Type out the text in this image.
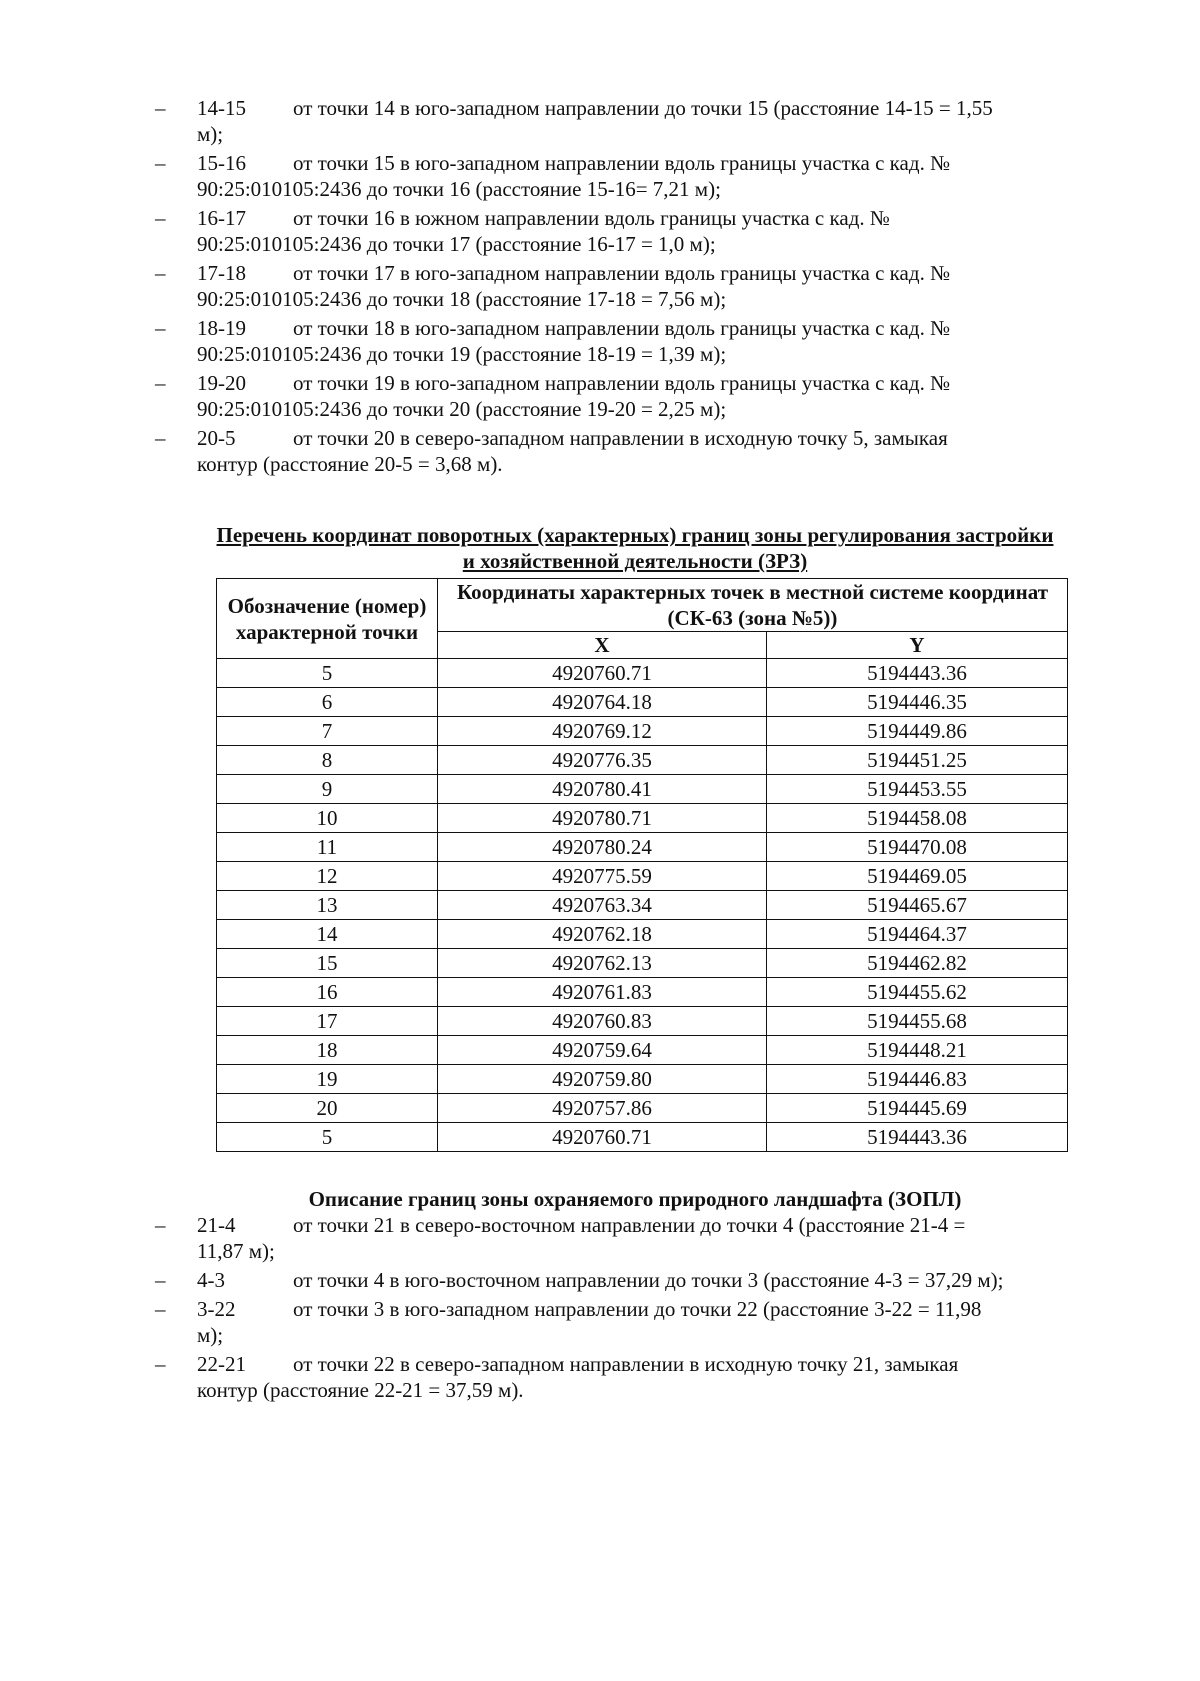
– 14-15 от точки 14 в юго-западном направлении до точки 15 (расстояние 14-15 = 1,55
м);
– 15-16 от точки 15 в юго-западном направлении вдоль границы участка с кад. №
90:25:010105:2436 до точки 16 (расстояние 15-16= 7,21 м);
– 16-17 от точки 16 в южном направлении вдоль границы участка с кад. №
90:25:010105:2436 до точки 17 (расстояние 16-17 = 1,0 м);
– 17-18 от точки 17 в юго-западном направлении вдоль границы участка с кад. №
90:25:010105:2436 до точки 18 (расстояние 17-18 = 7,56 м);
– 18-19 от точки 18 в юго-западном направлении вдоль границы участка с кад. №
90:25:010105:2436 до точки 19 (расстояние 18-19 = 1,39 м);
– 19-20 от точки 19 в юго-западном направлении вдоль границы участка с кад. №
90:25:010105:2436 до точки 20 (расстояние 19-20 = 2,25 м);
– 20-5	от точки 20 в северо-западном направлении в исходную точку 5, замыкая
контур (расстояние 20-5 = 3,68 м).
Перечень координат поворотных (характерных) границ зоны регулирования застройки
и хозяйственной деятельности (ЗРЗ)
Обозначение (номер) характерной точки	Координаты характерных точек в местной системе координат (СК-63 (зона №5))	
	X	Y
5	4920760.71	5194443.36
6	4920764.18	5194446.35
7	4920769.12	5194449.86
8	4920776.35	5194451.25
9	4920780.41	5194453.55
10	4920780.71	5194458.08
11	4920780.24	5194470.08
12	4920775.59	5194469.05
13	4920763.34	5194465.67
14	4920762.18	5194464.37
15	4920762.13	5194462.82
16	4920761.83	5194455.62
17	4920760.83	5194455.68
18	4920759.64	5194448.21
19	4920759.80	5194446.83
20	4920757.86	5194445.69
5	4920760.71	5194443.36
Описание границ зоны охраняемого природного ландшафта (ЗОПЛ)
– 21-4	от точки 21 в северо-восточном направлении до точки 4 (расстояние 21-4 =
11,87 м);
– 4-3	от точки 4 в юго-восточном направлении до точки 3 (расстояние 4-3 = 37,29 м);
– 3-22	от точки 3 в юго-западном направлении до точки 22 (расстояние 3-22 = 11,98
м);
– 22-21 от точки 22 в северо-западном направлении в исходную точку 21, замыкая
контур (расстояние 22-21 = 37,59 м).
